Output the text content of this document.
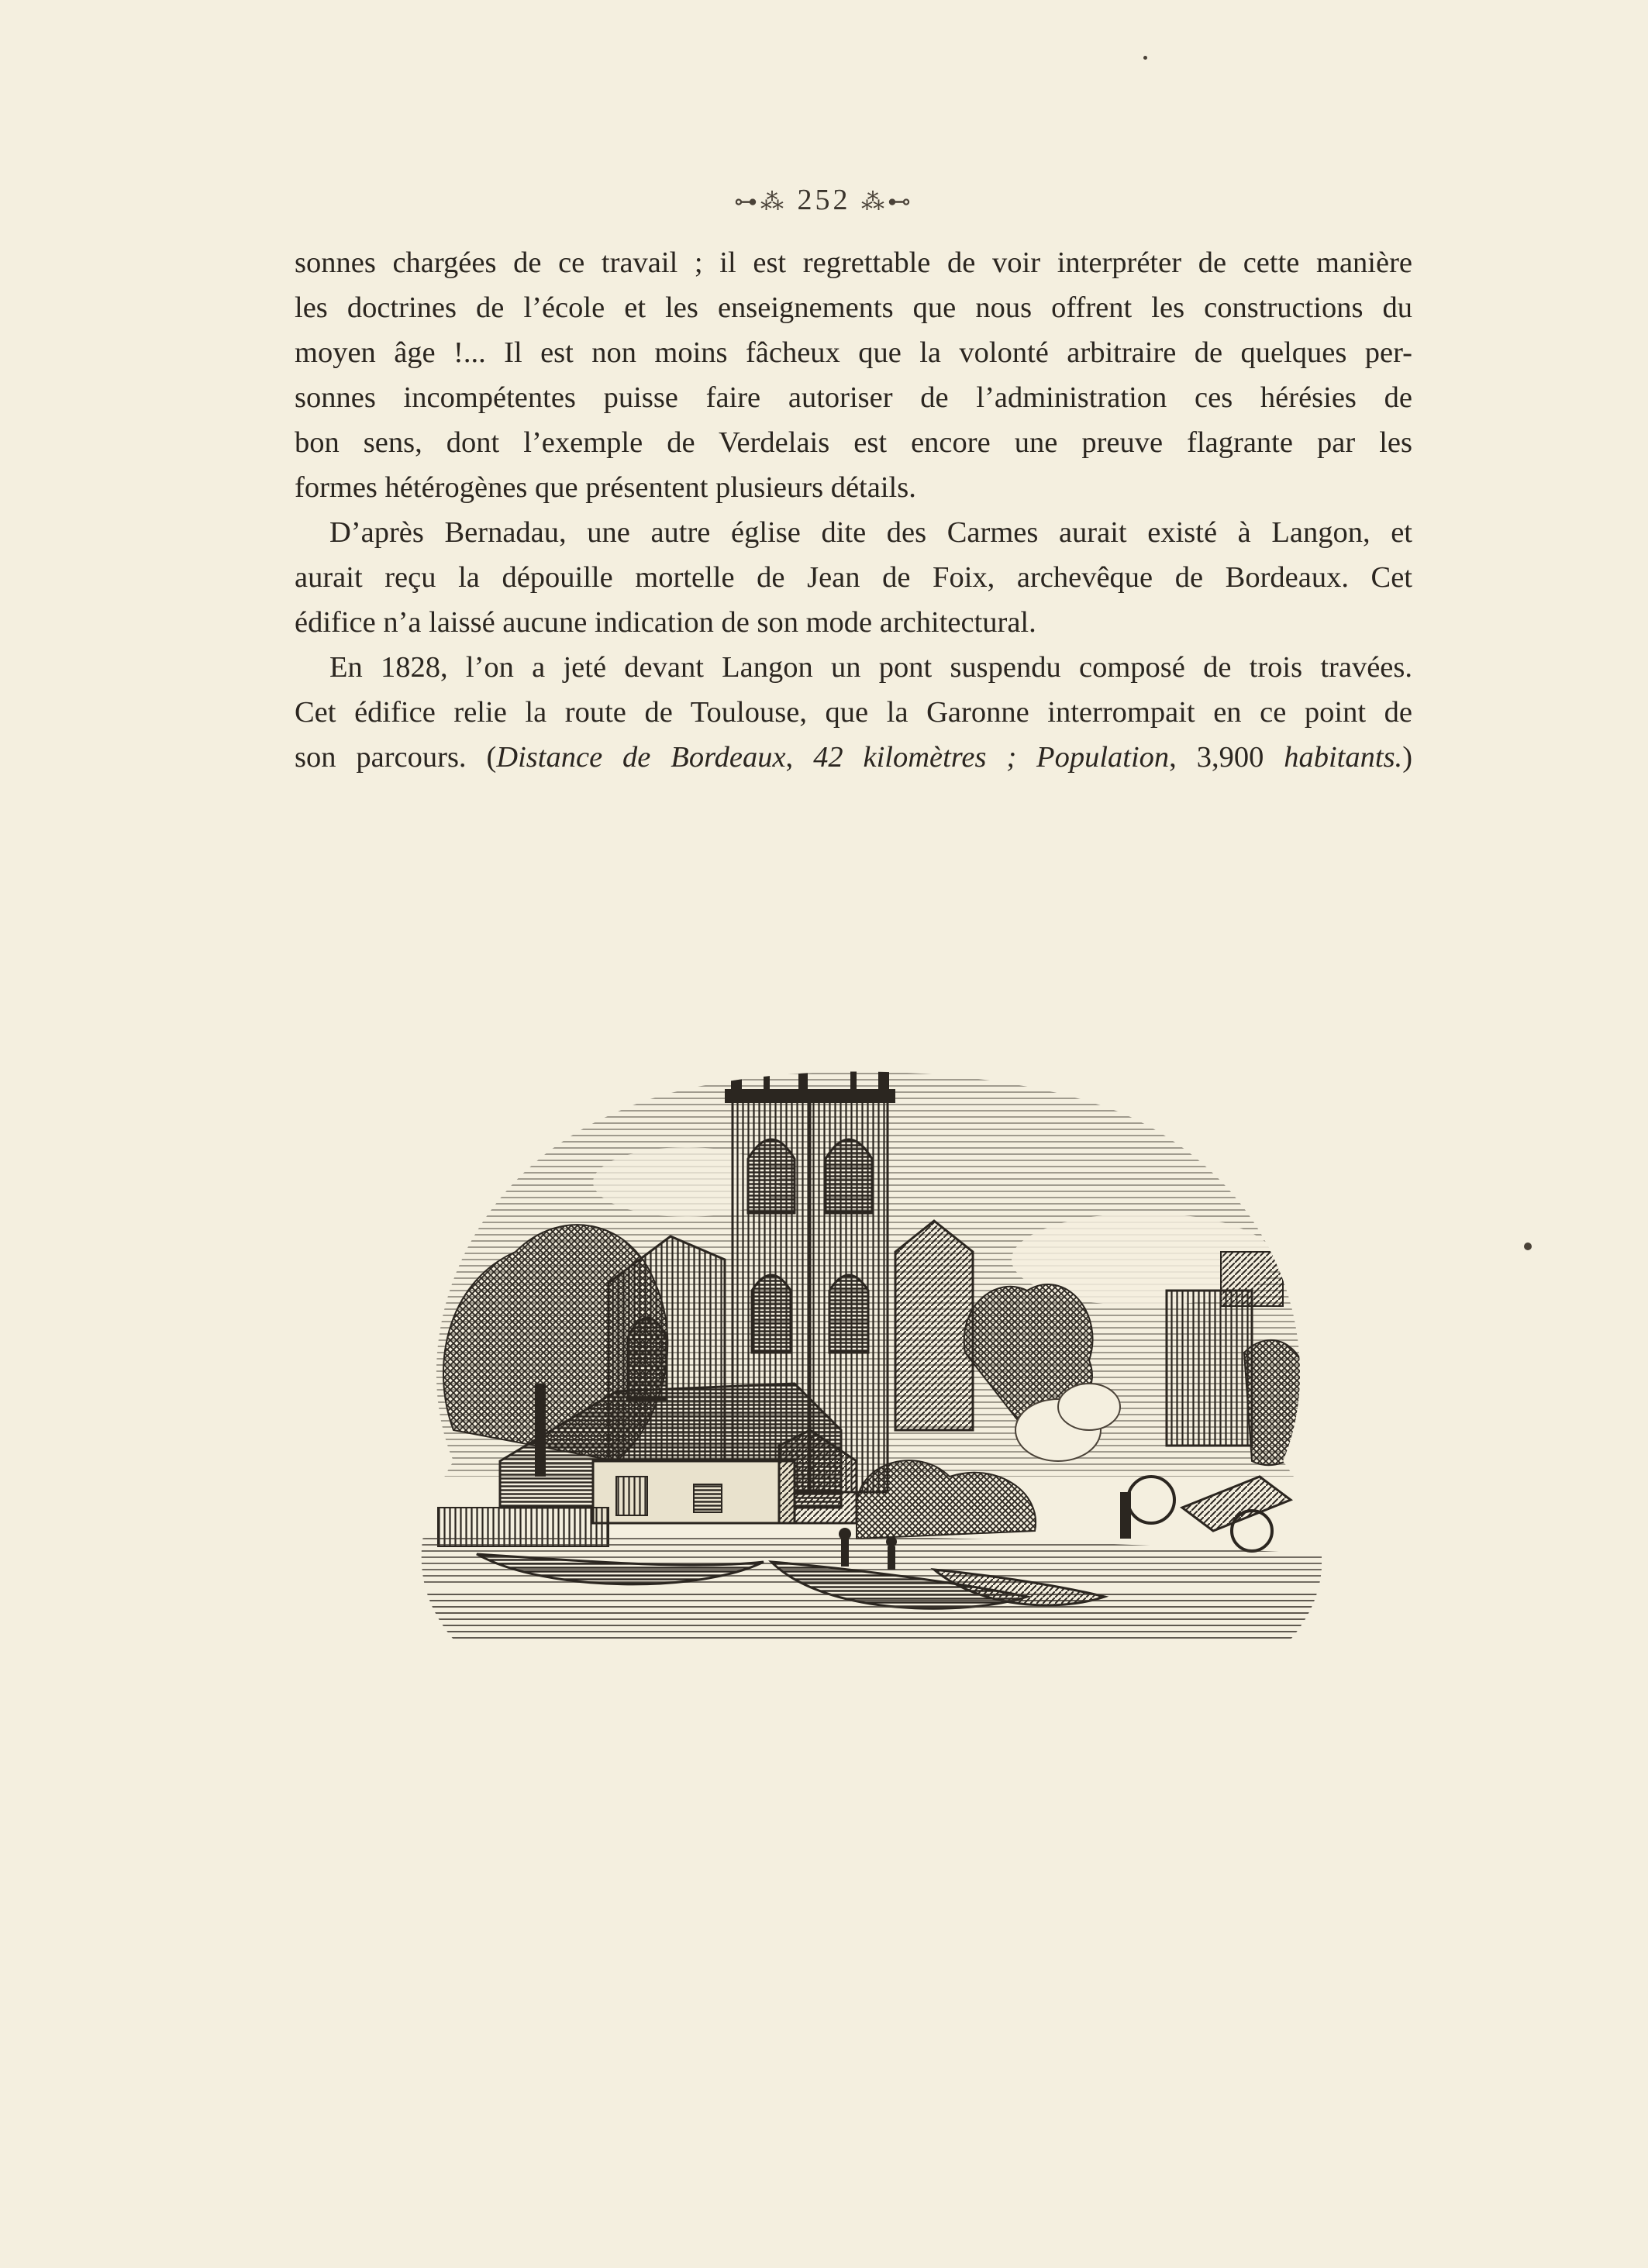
⊶⁂ 252 ⁂⊷

sonnes chargées de ce travail ; il est regrettable de voir interpréter de cette manière

les doctrines de l’école et les enseignements que nous offrent les constructions du

moyen âge !... Il est non moins fâcheux que la volonté arbitraire de quelques per-

sonnes incompétentes puisse faire autoriser de l’administration ces hérésies de

bon sens, dont l’exemple de Verdelais est encore une preuve flagrante par les

formes hétérogènes que présentent plusieurs détails.

D’après Bernadau, une autre église dite des Carmes aurait existé à Langon, et

aurait reçu la dépouille mortelle de Jean de Foix, archevêque de Bordeaux. Cet

édifice n’a laissé aucune indication de son mode architectural.

En 1828, l’on a jeté devant Langon un pont suspendu composé de trois travées.

Cet édifice relie la route de Toulouse, que la Garonne interrompait en ce point de

son parcours. (Distance de Bordeaux, 42 kilomètres ; Population, 3,900 habitants.)
